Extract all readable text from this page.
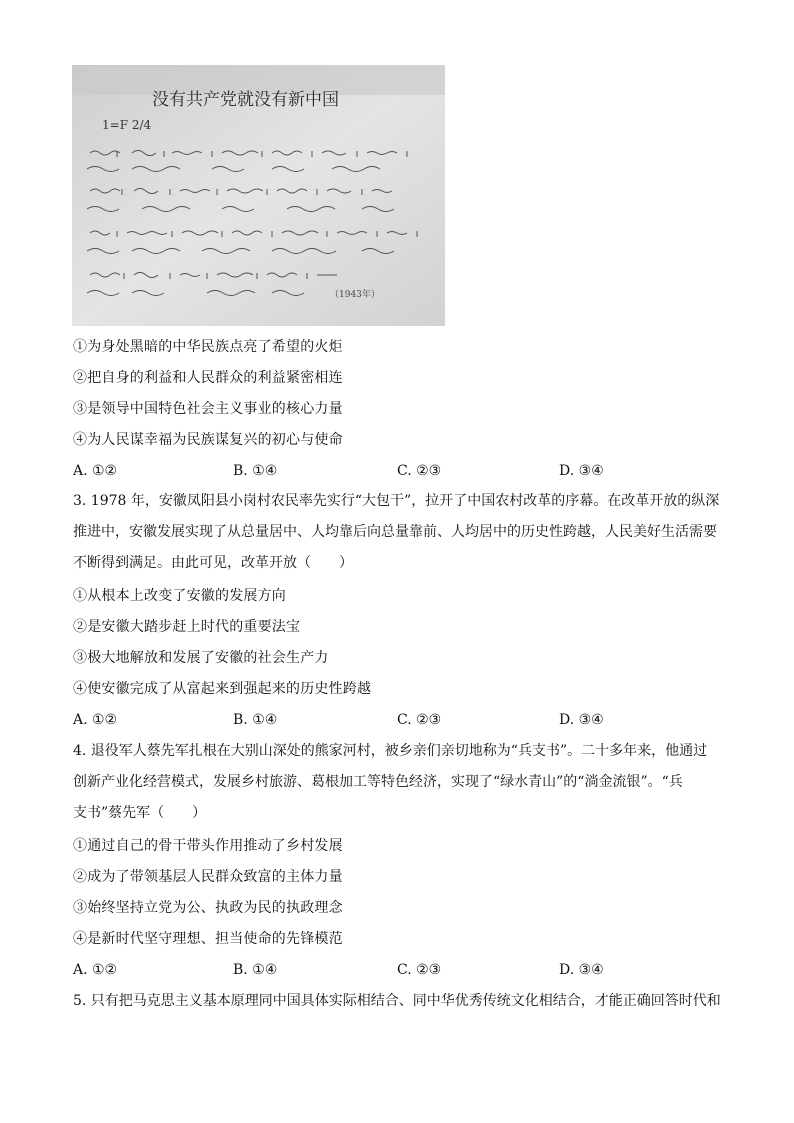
没有共产党就没有新中国
1=F 2/4
（1943年）
①为身处黑暗的中华民族点亮了希望的火炬
②把自身的利益和人民群众的利益紧密相连
③是领导中国特色社会主义事业的核心力量
④为人民谋幸福为民族谋复兴的初心与使命
A. ①②	B. ①④	C. ②③	D. ③④
3. 1978 年，安徽凤阳县小岗村农民率先实行“大包干”，拉开了中国农村改革的序幕。在改革开放的纵深
推进中，安徽发展实现了从总量居中、人均靠后向总量靠前、人均居中的历史性跨越，人民美好生活需要
不断得到满足。由此可见，改革开放（　　）
①从根本上改变了安徽的发展方向
②是安徽大踏步赶上时代的重要法宝
③极大地解放和发展了安徽的社会生产力
④使安徽完成了从富起来到强起来的历史性跨越
A. ①②	B. ①④	C. ②③	D. ③④
4. 退役军人蔡先军扎根在大别山深处的熊家河村，被乡亲们亲切地称为“兵支书”。二十多年来，他通过
创新产业化经营模式，发展乡村旅游、葛根加工等特色经济，实现了“绿水青山”的“淌金流银”。“兵
支书”蔡先军（　　）
①通过自己的骨干带头作用推动了乡村发展
②成为了带领基层人民群众致富的主体力量
③始终坚持立党为公、执政为民的执政理念
④是新时代坚守理想、担当使命的先锋模范
A. ①②	B. ①④	C. ②③	D. ③④
5. 只有把马克思主义基本原理同中国具体实际相结合、同中华优秀传统文化相结合，才能正确回答时代和
